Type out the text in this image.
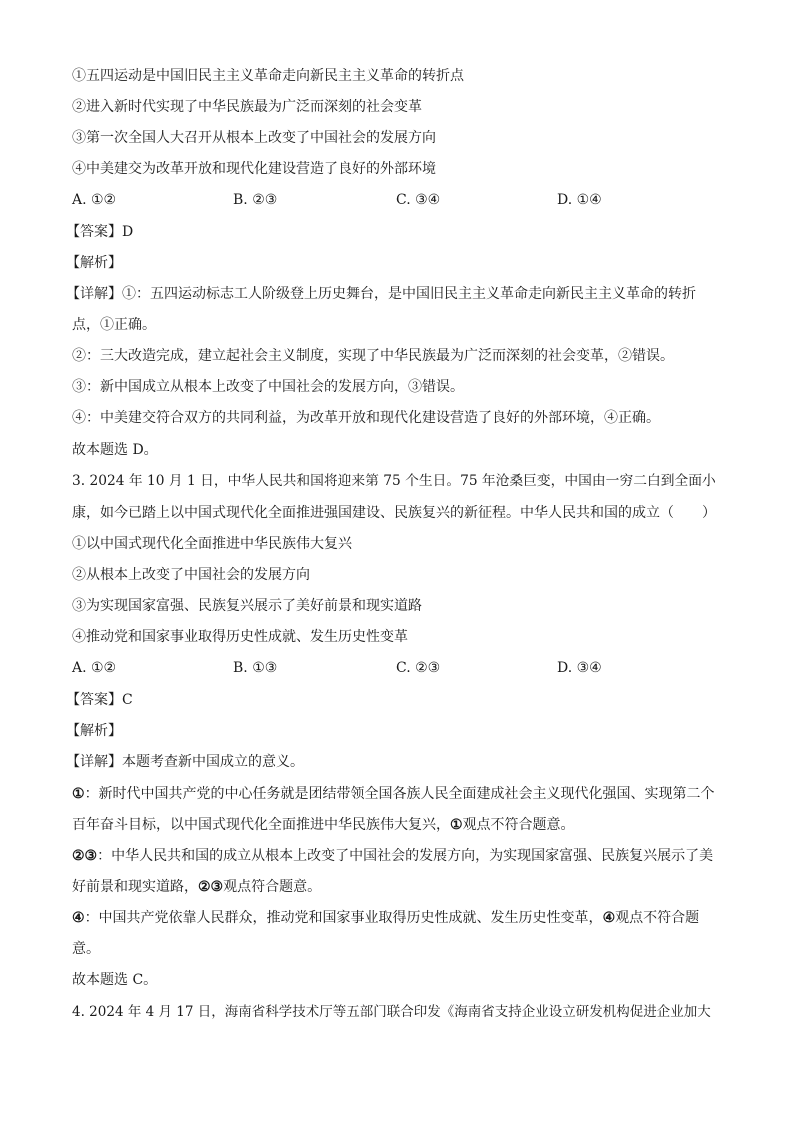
①五四运动是中国旧民主主义革命走向新民主主义革命的转折点
②进入新时代实现了中华民族最为广泛而深刻的社会变革
③第一次全国人大召开从根本上改变了中国社会的发展方向
④中美建交为改革开放和现代化建设营造了良好的外部环境
A. ①②	B. ②③	C. ③④	D. ①④
【答案】D
【解析】
【详解】①：五四运动标志工人阶级登上历史舞台，是中国旧民主主义革命走向新民主主义革命的转折
点，①正确。
②：三大改造完成，建立起社会主义制度，实现了中华民族最为广泛而深刻的社会变革，②错误。
③：新中国成立从根本上改变了中国社会的发展方向，③错误。
④：中美建交符合双方的共同利益，为改革开放和现代化建设营造了良好的外部环境，④正确。
故本题选 D。
3. 2024 年 10 月 1 日，中华人民共和国将迎来第 75 个生日。75 年沧桑巨变，中国由一穷二白到全面小
康，如今已踏上以中国式现代化全面推进强国建设、民族复兴的新征程。中华人民共和国的成立（　　）
①以中国式现代化全面推进中华民族伟大复兴
②从根本上改变了中国社会的发展方向
③为实现国家富强、民族复兴展示了美好前景和现实道路
④推动党和国家事业取得历史性成就、发生历史性变革
A. ①②	B. ①③	C. ②③	D. ③④
【答案】C
【解析】
【详解】本题考查新中国成立的意义。
①：新时代中国共产党的中心任务就是团结带领全国各族人民全面建成社会主义现代化强国、实现第二个
百年奋斗目标，以中国式现代化全面推进中华民族伟大复兴，①观点不符合题意。
②③：中华人民共和国的成立从根本上改变了中国社会的发展方向，为实现国家富强、民族复兴展示了美
好前景和现实道路，②③观点符合题意。
④：中国共产党依靠人民群众，推动党和国家事业取得历史性成就、发生历史性变革，④观点不符合题
意。
故本题选 C。
4. 2024 年 4 月 17 日，海南省科学技术厅等五部门联合印发《海南省支持企业设立研发机构促进企业加大
